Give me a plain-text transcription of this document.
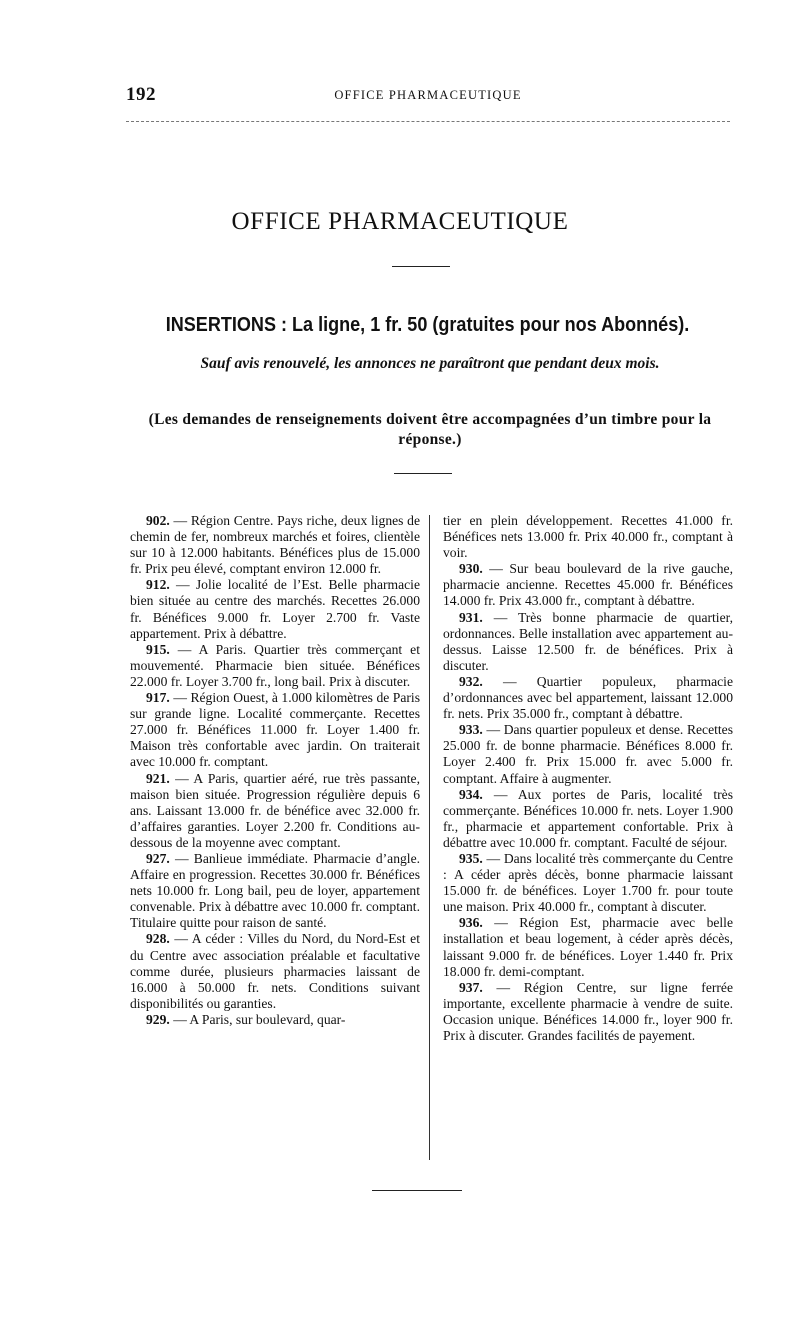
192	OFFICE PHARMACEUTIQUE
OFFICE PHARMACEUTIQUE
INSERTIONS : La ligne, 1 fr. 50 (gratuites pour nos Abonnés).
Sauf avis renouvelé, les annonces ne paraîtront que pendant deux mois.
(Les demandes de renseignements doivent être accompagnées d’un timbre pour la réponse.)

902. — Région Centre. Pays riche, deux lignes de chemin de fer, nombreux marchés et foires, clientèle sur 10 à 12.000 habitants. Bénéfices plus de 15.000 fr. Prix peu élevé, comptant environ 12.000 fr.

912. — Jolie localité de l’Est. Belle pharmacie bien située au centre des marchés. Recettes 26.000 fr. Bénéfices 9.000 fr. Loyer 2.700 fr. Vaste appartement. Prix à débattre.

915. — A Paris. Quartier très commerçant et mouvementé. Pharmacie bien située. Bénéfices 22.000 fr. Loyer 3.700 fr., long bail. Prix à discuter.

917. — Région Ouest, à 1.000 kilomètres de Paris sur grande ligne. Localité commerçante. Recettes 27.000 fr. Bénéfices 11.000 fr. Loyer 1.400 fr. Maison très confortable avec jardin. On traiterait avec 10.000 fr. comptant.

921. — A Paris, quartier aéré, rue très passante, maison bien située. Progression régulière depuis 6 ans. Laissant 13.000 fr. de bénéfice avec 32.000 fr. d’affaires garanties. Loyer 2.200 fr. Conditions au-dessous de la moyenne avec comptant.

927. — Banlieue immédiate. Pharmacie d’angle. Affaire en progression. Recettes 30.000 fr. Bénéfices nets 10.000 fr. Long bail, peu de loyer, appartement convenable. Prix à débattre avec 10.000 fr. comptant. Titulaire quitte pour raison de santé.

928. — A céder : Villes du Nord, du Nord-Est et du Centre avec association préalable et facultative comme durée, plusieurs pharmacies laissant de 16.000 à 50.000 fr. nets. Conditions suivant disponibilités ou garanties.

929. — A Paris, sur boulevard, quar-

tier en plein développement. Recettes 41.000 fr. Bénéfices nets 13.000 fr. Prix 40.000 fr., comptant à voir.

930. — Sur beau boulevard de la rive gauche, pharmacie ancienne. Recettes 45.000 fr. Bénéfices 14.000 fr. Prix 43.000 fr., comptant à débattre.

931. — Très bonne pharmacie de quartier, ordonnances. Belle installation avec appartement au-dessus. Laisse 12.500 fr. de bénéfices. Prix à discuter.

932. — Quartier populeux, pharmacie d’ordonnances avec bel appartement, laissant 12.000 fr. nets. Prix 35.000 fr., comptant à débattre.

933. — Dans quartier populeux et dense. Recettes 25.000 fr. de bonne pharmacie. Bénéfices 8.000 fr. Loyer 2.400 fr. Prix 15.000 fr. avec 5.000 fr. comptant. Affaire à augmenter.

934. — Aux portes de Paris, localité très commerçante. Bénéfices 10.000 fr. nets. Loyer 1.900 fr., pharmacie et appartement confortable. Prix à débattre avec 10.000 fr. comptant. Faculté de séjour.

935. — Dans localité très commerçante du Centre : A céder après décès, bonne pharmacie laissant 15.000 fr. de bénéfices. Loyer 1.700 fr. pour toute une maison. Prix 40.000 fr., comptant à discuter.

936. — Région Est, pharmacie avec belle installation et beau logement, à céder après décès, laissant 9.000 fr. de bénéfices. Loyer 1.440 fr. Prix 18.000 fr. demi-comptant.

937. — Région Centre, sur ligne ferrée importante, excellente pharmacie à vendre de suite. Occasion unique. Bénéfices 14.000 fr., loyer 900 fr. Prix à discuter. Grandes facilités de payement.
